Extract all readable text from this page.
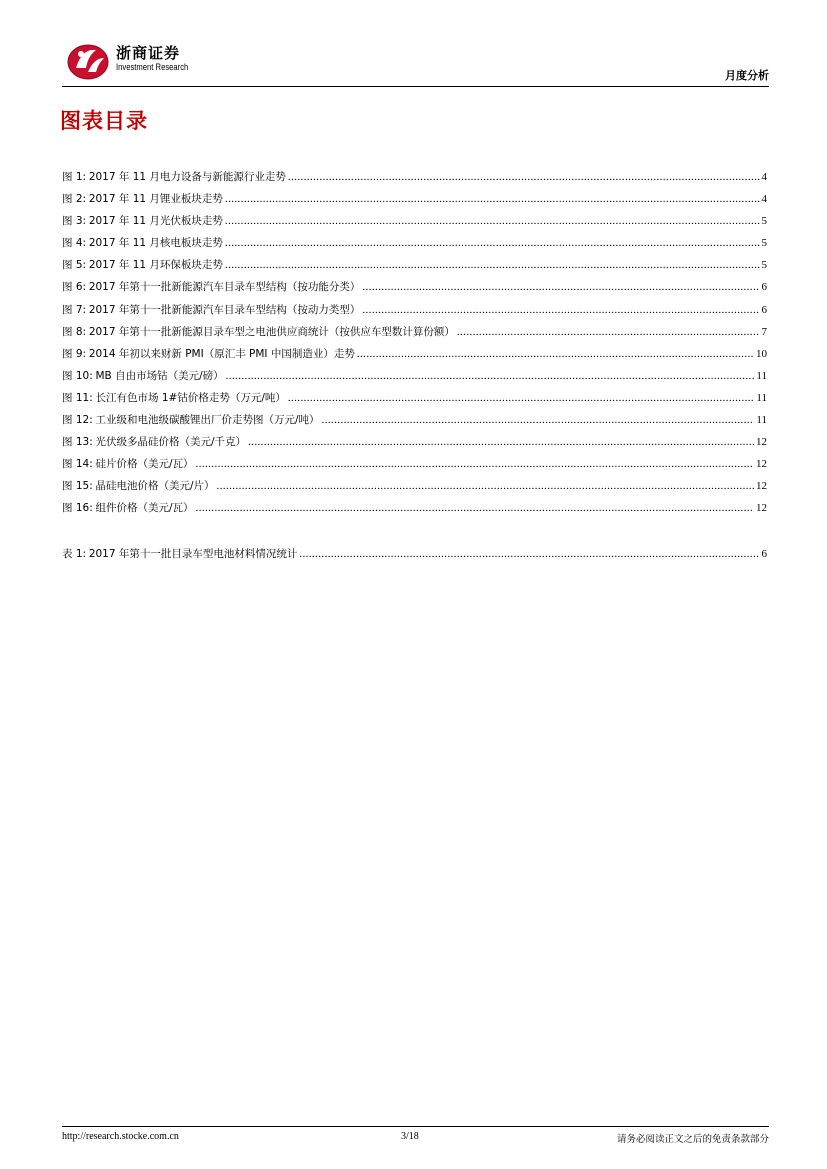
浙商证券
Investment Research
月度分析
图表目录
图 1: 2017 年 11 月电力设备与新能源行业走势 .....	4
图 2: 2017 年 11 月锂业板块走势 .....	4
图 3: 2017 年 11 月光伏板块走势 .....	5
图 4: 2017 年 11 月核电板块走势 .....	5
图 5: 2017 年 11 月环保板块走势 .....	5
图 6: 2017 年第十一批新能源汽车目录车型结构（按功能分类） .....	6
图 7: 2017 年第十一批新能源汽车目录车型结构（按动力类型） .....	6
图 8: 2017 年第十一批新能源目录车型之电池供应商统计（按供应车型数计算份额） .....	7
图 9: 2014 年初以来财新 PMI（原汇丰 PMI 中国制造业）走势 .....	10
图 10: MB 自由市场钴（美元/磅） .....	11
图 11: 长江有色市场 1#钴价格走势（万元/吨） .....	11
图 12: 工业级和电池级碳酸锂出厂价走势图（万元/吨） .....	11
图 13: 光伏级多晶硅价格（美元/千克） .....	12
图 14: 硅片价格（美元/瓦） .....	12
图 15: 晶硅电池价格（美元/片） .....	12
图 16: 组件价格（美元/瓦） .....	12
表 1: 2017 年第十一批目录车型电池材料情况统计 .....	6
http://research.stocke.com.cn	3/18	请务必阅读正文之后的免责条款部分
